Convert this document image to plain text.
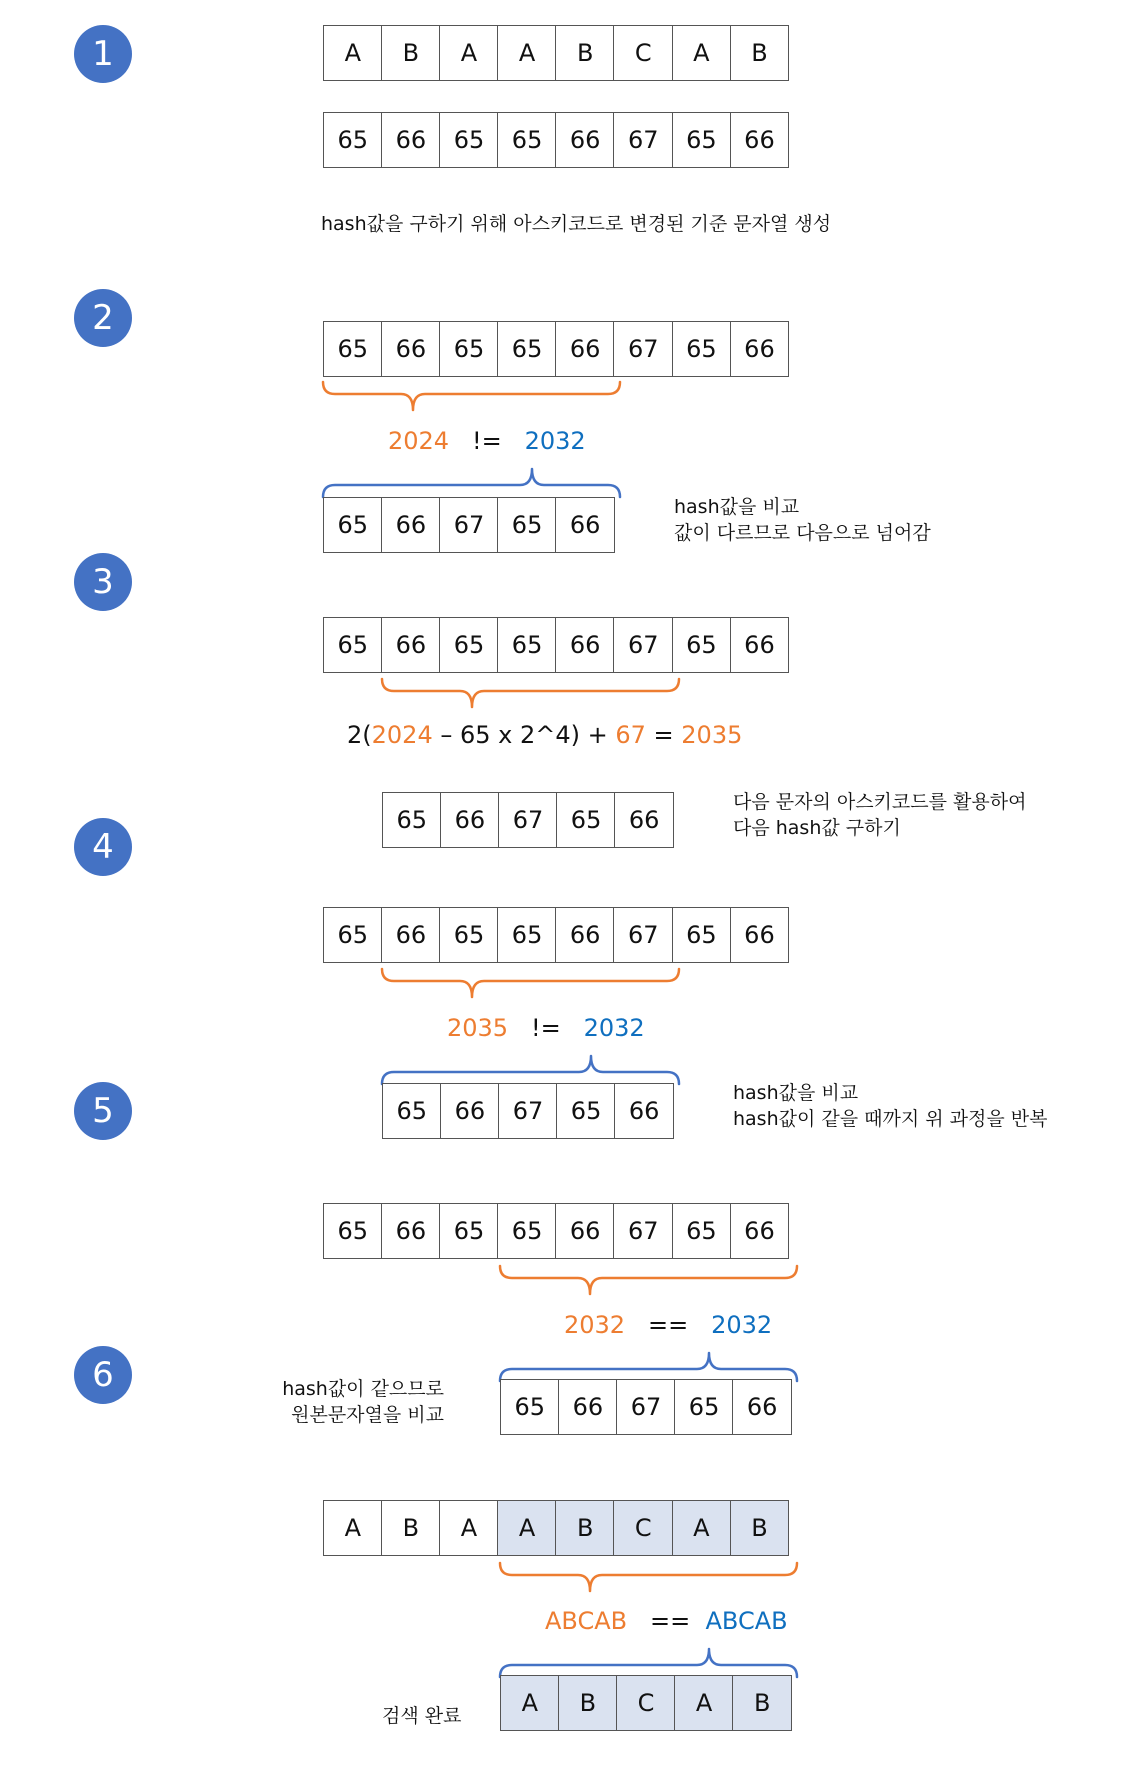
1
2
3
4
5
6
A	B	A	A	B	C	A	B
65	66	65	65	66	67	65	66
hash값을 구하기 위해 아스키코드로 변경된 기준 문자열 생성
65	66	65	65	66	67	65	66
2024 != 2032
65	66	67	65	66
hash값을 비교
값이 다르므로 다음으로 넘어감
65	66	65	65	66	67	65	66
2(2024 – 65 x 2^4) + 67 = 2035
65	66	67	65	66
다음 문자의 아스키코드를 활용하여
다음 hash값 구하기
65	66	65	65	66	67	65	66
2035 != 2032
65	66	67	65	66
hash값을 비교
hash값이 같을 때까지 위 과정을 반복
65	66	65	65	66	67	65	66
2032 == 2032
65	66	67	65	66
hash값이 같으므로
원본문자열을 비교
A	B	A	A	B	C	A	B
ABCAB == ABCAB
A	B	C	A	B
검색 완료
